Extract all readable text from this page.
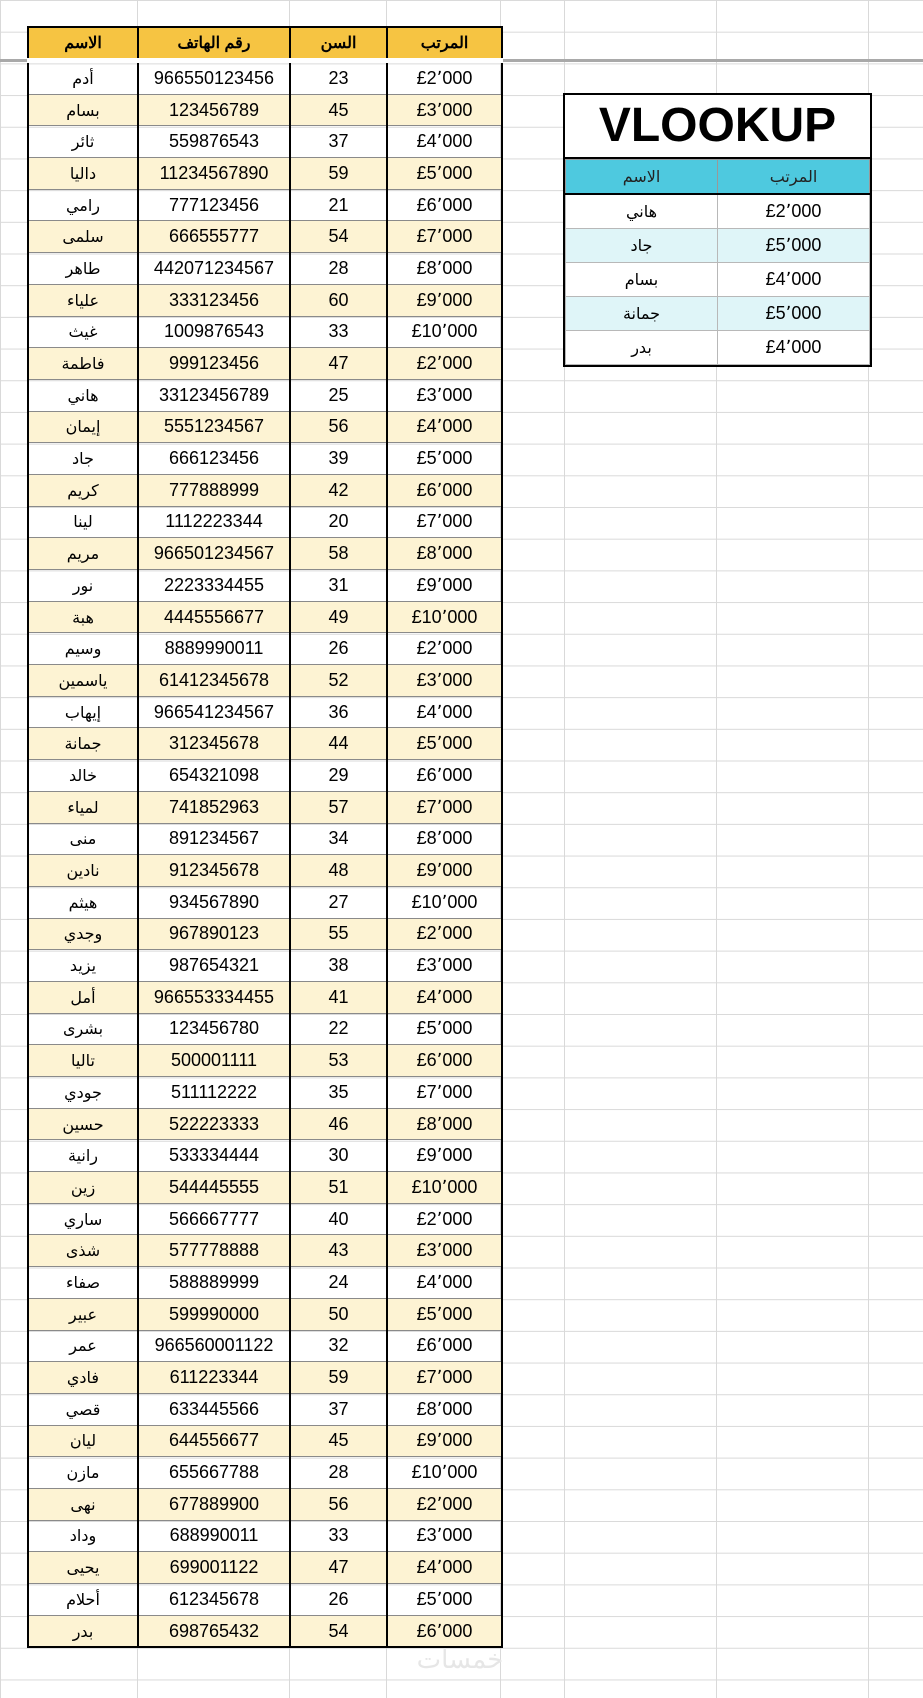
الاسم	رقم الهاتف	السن	المرتب
أدم	966550123456	23	£2٬000
بسام	123456789	45	£3٬000
ثائر	559876543	37	£4٬000
داليا	11234567890	59	£5٬000
رامي	777123456	21	£6٬000
سلمى	666555777	54	£7٬000
طاهر	442071234567	28	£8٬000
علياء	333123456	60	£9٬000
غيث	1009876543	33	£10٬000
فاطمة	999123456	47	£2٬000
هاني	33123456789	25	£3٬000
إيمان	5551234567	56	£4٬000
جاد	666123456	39	£5٬000
كريم	777888999	42	£6٬000
لينا	1112223344	20	£7٬000
مريم	966501234567	58	£8٬000
نور	2223334455	31	£9٬000
هبة	4445556677	49	£10٬000
وسيم	8889990011	26	£2٬000
ياسمين	61412345678	52	£3٬000
إيهاب	966541234567	36	£4٬000
جمانة	312345678	44	£5٬000
خالد	654321098	29	£6٬000
لمياء	741852963	57	£7٬000
منى	891234567	34	£8٬000
نادين	912345678	48	£9٬000
هيثم	934567890	27	£10٬000
وجدي	967890123	55	£2٬000
يزيد	987654321	38	£3٬000
أمل	966553334455	41	£4٬000
بشرى	123456780	22	£5٬000
تاليا	500001111	53	£6٬000
جودي	511112222	35	£7٬000
حسين	522223333	46	£8٬000
رانية	533334444	30	£9٬000
زين	544445555	51	£10٬000
ساري	566667777	40	£2٬000
شذى	577778888	43	£3٬000
صفاء	588889999	24	£4٬000
عبير	599990000	50	£5٬000
عمر	966560001122	32	£6٬000
فادي	611223344	59	£7٬000
قصي	633445566	37	£8٬000
ليان	644556677	45	£9٬000
مازن	655667788	28	£10٬000
نهى	677889900	56	£2٬000
وداد	688990011	33	£3٬000
يحيى	699001122	47	£4٬000
أحلام	612345678	26	£5٬000
بدر	698765432	54	£6٬000
VLOOKUP
الاسم	المرتب
هاني	£2٬000
جاد	£5٬000
بسام	£4٬000
جمانة	£5٬000
بدر	£4٬000
خمسات
